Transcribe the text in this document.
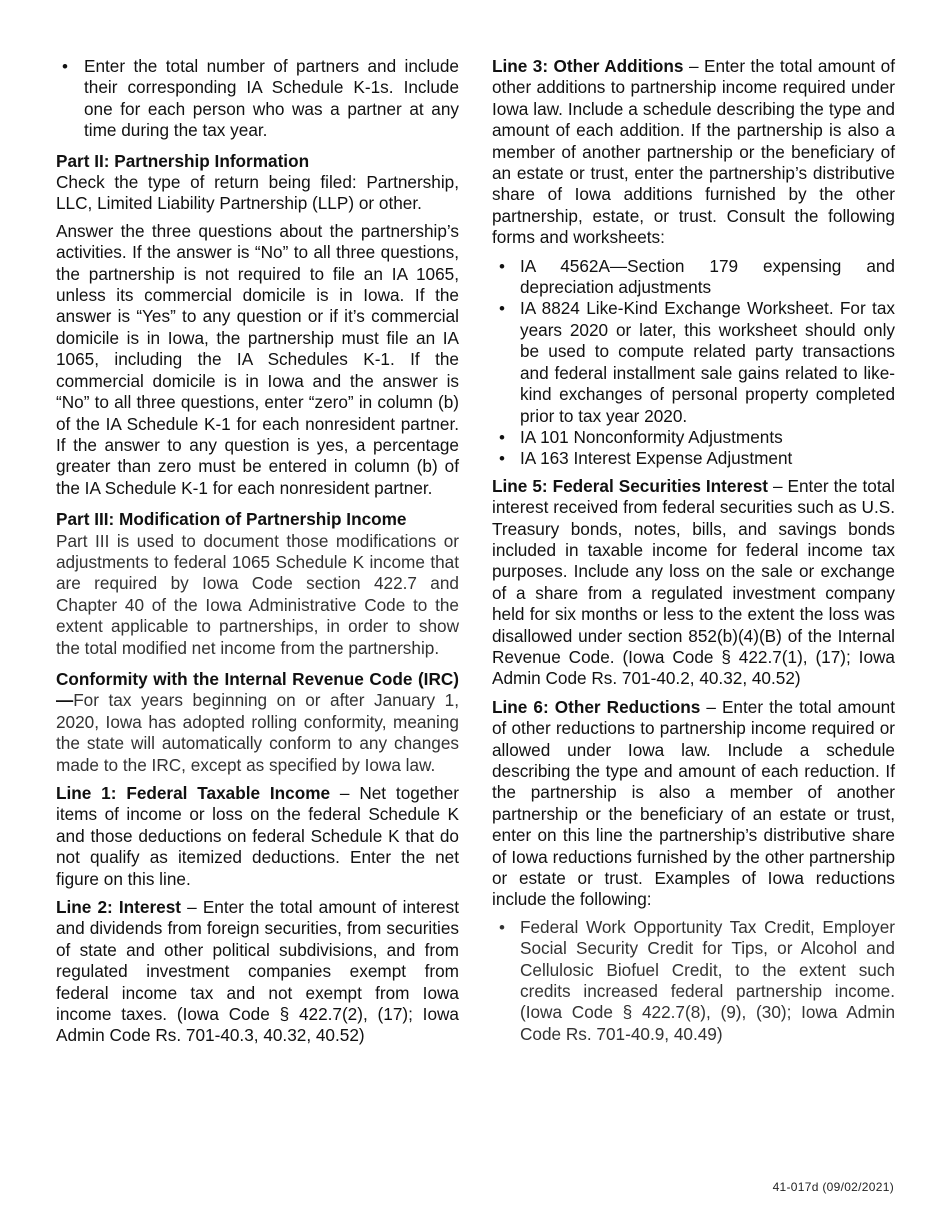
• Enter the total number of partners and include their corresponding IA Schedule K-1s. Include one for each person who was a partner at any time during the tax year.

Part II: Partnership Information

Check the type of return being filed: Partnership, LLC, Limited Liability Partnership (LLP) or other.

Answer the three questions about the partnership’s activities. If the answer is “No” to all three questions, the partnership is not required to file an IA 1065, unless its commercial domicile is in Iowa. If the answer is “Yes” to any question or if it’s commercial domicile is in Iowa, the partnership must file an IA 1065, including the IA Schedules K-1. If the commercial domicile is in Iowa and the answer is “No” to all three questions, enter “zero” in column (b) of the IA Schedule K-1 for each nonresident partner. If the answer to any question is yes, a percentage greater than zero must be entered in column (b) of the IA Schedule K-1 for each nonresident partner.

Part III: Modification of Partnership Income

Part III is used to document those modifications or adjustments to federal 1065 Schedule K income that are required by Iowa Code section 422.7 and Chapter 40 of the Iowa Administrative Code to the extent applicable to partnerships, in order to show the total modified net income from the partnership.

Conformity with the Internal Revenue Code (IRC)—For tax years beginning on or after January 1, 2020, Iowa has adopted rolling conformity, meaning the state will automatically conform to any changes made to the IRC, except as specified by Iowa law.

Line 1: Federal Taxable Income – Net together items of income or loss on the federal Schedule K and those deductions on federal Schedule K that do not qualify as itemized deductions. Enter the net figure on this line.

Line 2: Interest – Enter the total amount of interest and dividends from foreign securities, from securities of state and other political subdivisions, and from regulated investment companies exempt from federal income tax and not exempt from Iowa income taxes. (Iowa Code § 422.7(2), (17); Iowa Admin Code Rs. 701-40.3, 40.32, 40.52)

Line 3: Other Additions – Enter the total amount of other additions to partnership income required under Iowa law. Include a schedule describing the type and amount of each addition. If the partnership is also a member of another partnership or the beneficiary of an estate or trust, enter the partnership’s distributive share of Iowa additions furnished by the other partnership, estate, or trust. Consult the following forms and worksheets:

• IA 4562A—Section 179 expensing and depreciation adjustments
• IA 8824 Like-Kind Exchange Worksheet. For tax years 2020 or later, this worksheet should only be used to compute related party transactions and federal installment sale gains related to like-kind exchanges of personal property completed prior to tax year 2020.
• IA 101 Nonconformity Adjustments
• IA 163 Interest Expense Adjustment

Line 5: Federal Securities Interest – Enter the total interest received from federal securities such as U.S. Treasury bonds, notes, bills, and savings bonds included in taxable income for federal income tax purposes. Include any loss on the sale or exchange of a share from a regulated investment company held for six months or less to the extent the loss was disallowed under section 852(b)(4)(B) of the Internal Revenue Code. (Iowa Code § 422.7(1), (17); Iowa Admin Code Rs. 701-40.2, 40.32, 40.52)

Line 6: Other Reductions – Enter the total amount of other reductions to partnership income required or allowed under Iowa law. Include a schedule describing the type and amount of each reduction. If the partnership is also a member of another partnership or the beneficiary of an estate or trust, enter on this line the partnership’s distributive share of Iowa reductions furnished by the other partnership or estate or trust. Examples of Iowa reductions include the following:

• Federal Work Opportunity Tax Credit, Employer Social Security Credit for Tips, or Alcohol and Cellulosic Biofuel Credit, to the extent such credits increased federal partnership income. (Iowa Code § 422.7(8), (9), (30); Iowa Admin Code Rs. 701-40.9, 40.49)
41-017d (09/02/2021)
